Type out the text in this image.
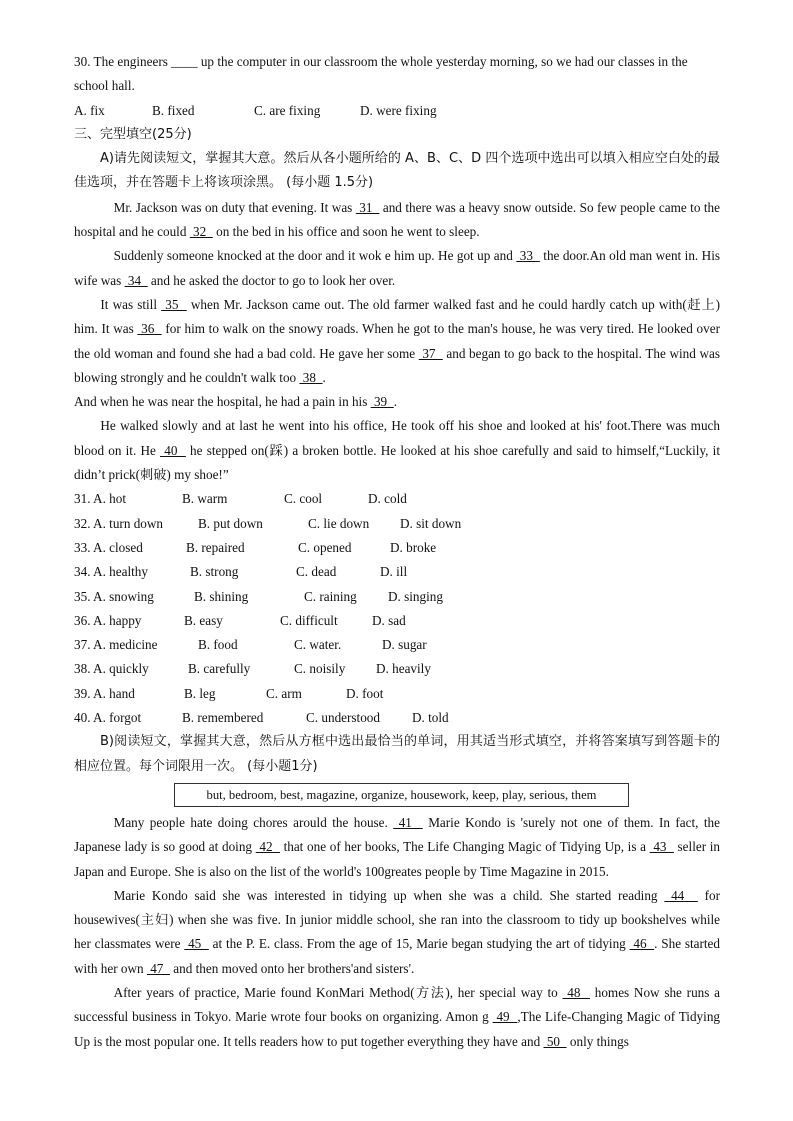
30. The engineers ____ up the computer in our classroom the whole yesterday morning, so we had our classes in the

school hall.

A. fix	B. fixed	C. are fixing	D. were fixing

三、完型填空(25分)

A)请先阅读短文，掌握其大意。然后从各小题所给的 A、B、C、D 四个选项中选出可以填入相应空白处的最佳选项，并在答题卡上将该项涂黑。 (每小题 1.5分)

Mr. Jackson was on duty that evening. It was  31   and there was a heavy snow outside. So few people came to the hospital and he could  32   on the bed in his office and soon he went to sleep.

Suddenly someone knocked at the door and it wok e him up. He got up and  33   the door.An old man went in. His wife was  34   and he asked the doctor to go to look her over.

It was still  35   when Mr. Jackson came out. The old farmer walked fast and he could hardly catch up with(赶上) him. It was  36   for him to walk on the snowy roads. When he got to the man's house, he was very tired. He looked over the old woman and found she had a bad cold. He gave her some  37   and began to go back to the hospital. The wind was blowing strongly and he couldn't walk too  38  .

And when he was near the hospital, he had a pain in his  39  .

He walked slowly and at last he went into his office, He took off his shoe and looked at his' foot.There was much blood on it. He  40   he stepped on(踩) a broken bottle. He looked at his shoe carefully and said to himself,“Luckily, it didn’t prick(刺破) my shoe!”

31. A. hot	B. warm	C. cool	D. cold
32. A. turn down	B. put down	C. lie down	D. sit down
33. A. closed	B. repaired	C. opened	D. broke
34. A. healthy	B. strong	C. dead	D. ill
35. A. snowing	B. shining	C. raining	D. singing
36. A. happy	B. easy	C. difficult	D. sad
37. A. medicine	B. food	C. water.	D. sugar
38. A. quickly	B. carefully	C. noisily	D. heavily
39. A. hand	B. leg	C. arm	D. foot
40. A. forgot	B. remembered	C. understood	D. told

B)阅读短文，掌握其大意，然后从方框中选出最恰当的单词，用其适当形式填空，并将答案填写到答题卡的相应位置。每个词限用一次。 (每小题1分)

but, bedroom, best, magazine, organize, housework, keep, play, serious, them

Many people hate doing chores arould the house.  41   Marie Kondo is 'surely not one of them. In fact, the Japanese lady is so good at doing  42   that one of her books, The Life Changing Magic of Tidying Up, is a  43   seller in Japan and Europe. She is also on the list of the world's 100greates people by Time Magazine in 2015.

Marie Kondo said she was interested in tidying up when she was a child. She started reading  44   for housewives(主妇) when she was five. In junior middle school, she ran into the classroom to tidy up bookshelves while her classmates were  45   at the P. E. class. From the age of 15, Marie began studying the art of tidying  46  . She started with her own  47   and then moved onto her brothers'and sisters'.

After years of practice, Marie found KonMari Method(方法), her special way to  48   homes Now she runs a successful business in Tokyo. Marie wrote four books on organizing. Amon g  49  ,The Life-Changing Magic of Tidying Up is the most popular one. It tells readers how to put together everything they have and  50   only things
